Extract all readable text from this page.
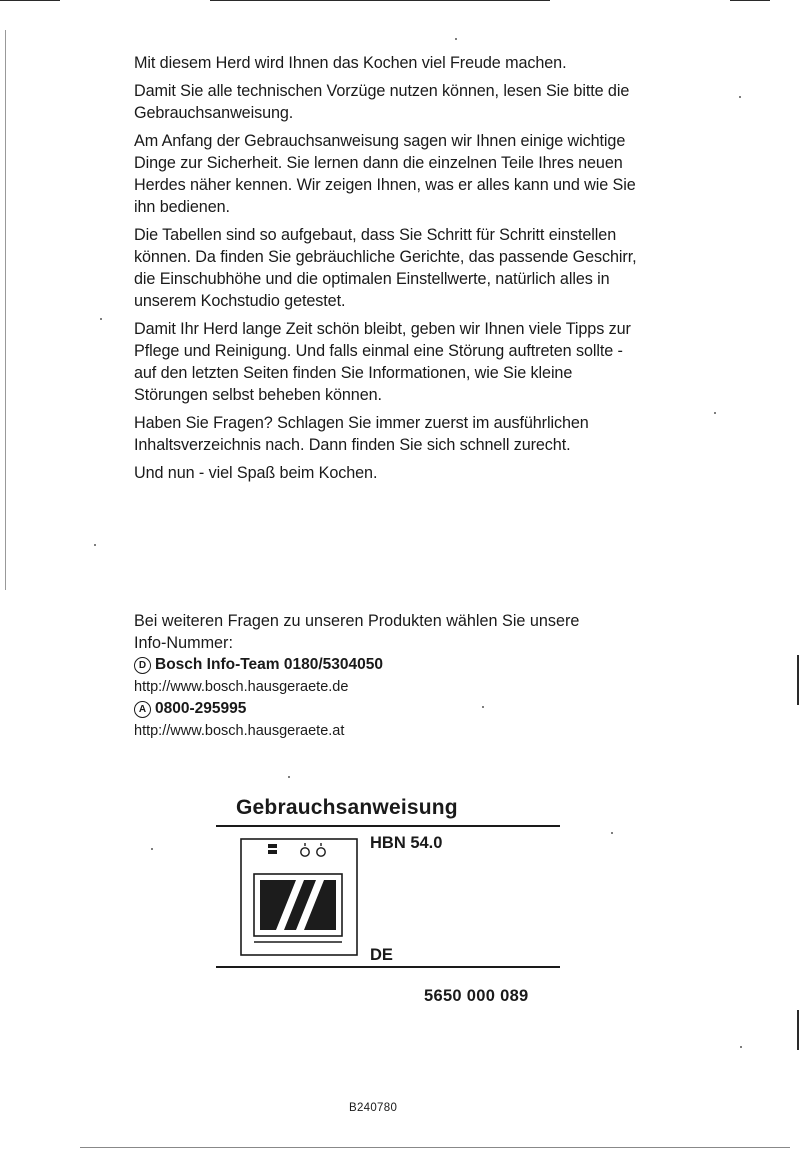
Mit diesem Herd wird Ihnen das Kochen viel Freude machen.

Damit Sie alle technischen Vorzüge nutzen können, lesen Sie bitte die Gebrauchsanweisung.

Am Anfang der Gebrauchsanweisung sagen wir Ihnen einige wichtige Dinge zur Sicherheit. Sie lernen dann die einzelnen Teile Ihres neuen Herdes näher kennen. Wir zeigen Ihnen, was er alles kann und wie Sie ihn bedienen.

Die Tabellen sind so aufgebaut, dass Sie Schritt für Schritt einstellen können. Da finden Sie gebräuchliche Gerichte, das passende Geschirr, die Einschubhöhe und die optimalen Einstellwerte, natürlich alles in unserem Kochstudio getestet.

Damit Ihr Herd lange Zeit schön bleibt, geben wir Ihnen viele Tipps zur Pflege und Reinigung. Und falls einmal eine Störung auftreten sollte - auf den letzten Seiten finden Sie Informationen, wie Sie kleine Störungen selbst beheben können.

Haben Sie Fragen? Schlagen Sie immer zuerst im ausführlichen Inhaltsverzeichnis nach. Dann finden Sie sich schnell zurecht.

Und nun - viel Spaß beim Kochen.

Bei weiteren Fragen zu unseren Produkten wählen Sie unsere Info-Nummer:

D Bosch Info-Team 0180/5304050

http://www.bosch.hausgeraete.de

A 0800-295995

http://www.bosch.hausgeraete.at

Gebrauchsanweisung
HBN 54.0
DE
5650 000 089
B240780
